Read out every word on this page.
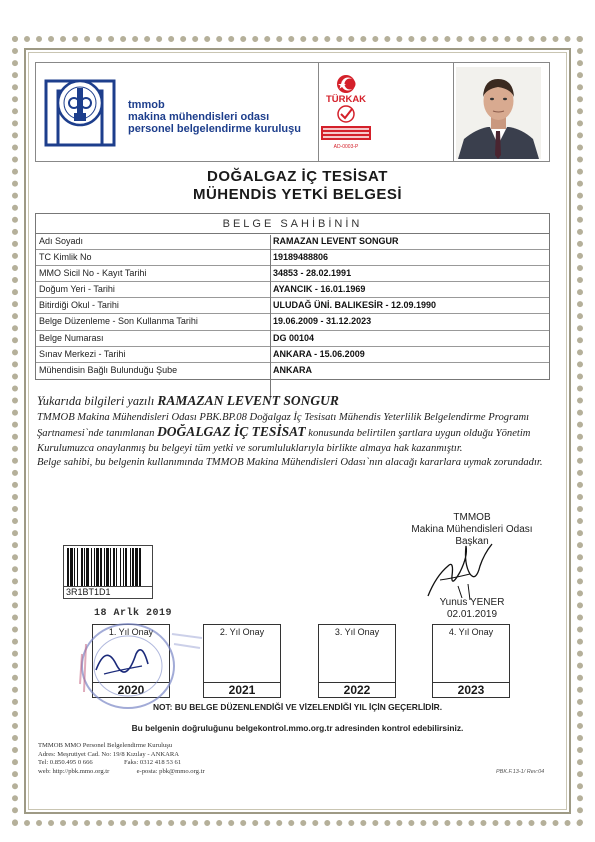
tmmob
makina mühendisleri odası
personel belgelendirme kuruluşu
TÜRKAK
AD-0003-P
DOĞALGAZ İÇ TESİSAT
MÜHENDİS YETKİ BELGESİ
BELGE SAHİBİNİN
Adı Soyadı	RAMAZAN LEVENT SONGUR
TC Kimlik No	19189488806
MMO Sicil No - Kayıt Tarihi	34853 - 28.02.1991
Doğum Yeri - Tarihi	AYANCIK - 16.01.1969
Bitirdiği Okul - Tarihi	ULUDAĞ ÜNİ. BALIKESİR - 12.09.1990
Belge Düzenleme - Son Kullanma Tarihi	19.06.2009 - 31.12.2023
Belge Numarası	DG 00104
Sınav Merkezi - Tarihi	ANKARA - 15.06.2009
Mühendisin Bağlı Bulunduğu Şube	ANKARA
Yukarıda bilgileri yazılı RAMAZAN LEVENT SONGUR
TMMOB Makina Mühendisleri Odası PBK.BP.08 Doğalgaz İç Tesisatı Mühendis Yeterlilik Belgelendirme Programı Şartnamesi`nde tanımlanan DOĞALGAZ İÇ TESİSAT konusunda belirtilen şartlara uygun olduğu Yönetim Kurulumuzca onaylanmış bu belgeyi tüm yetki ve sorumluluklarıyla birlikte almaya hak kazanmıştır.
Belge sahibi, bu belgenin kullanımında TMMOB Makina Mühendisleri Odası`nın alacağı kararlara uymak zorundadır.
TMMOB
Makina Mühendisleri Odası
Başkan
Yunus YENER
02.01.2019
3R1BT1D1
1. Yıl Onay
2020
2. Yıl Onay
2021
3. Yıl Onay
2022
4. Yıl Onay
2023
18 Arlk 2019
NOT: BU BELGE DÜZENLENDİĞİ VE VİZELENDİĞİ YIL İÇİN GEÇERLİDİR.
Bu belgenin doğruluğunu belgekontrol.mmo.org.tr adresinden kontrol edebilirsiniz.
TMMOB MMO Personel Belgelendirme Kuruluşu
Adres: Meşrutiyet Cad. No: 19/8 Kızılay - ANKARA
Tel: 0.850.495 0 666	Faks: 0312 418 53 61
web: http://pbk.mmo.org.tr	e-posta: pbk@mmo.org.tr	PBK.F.13-1/ Rev:04
